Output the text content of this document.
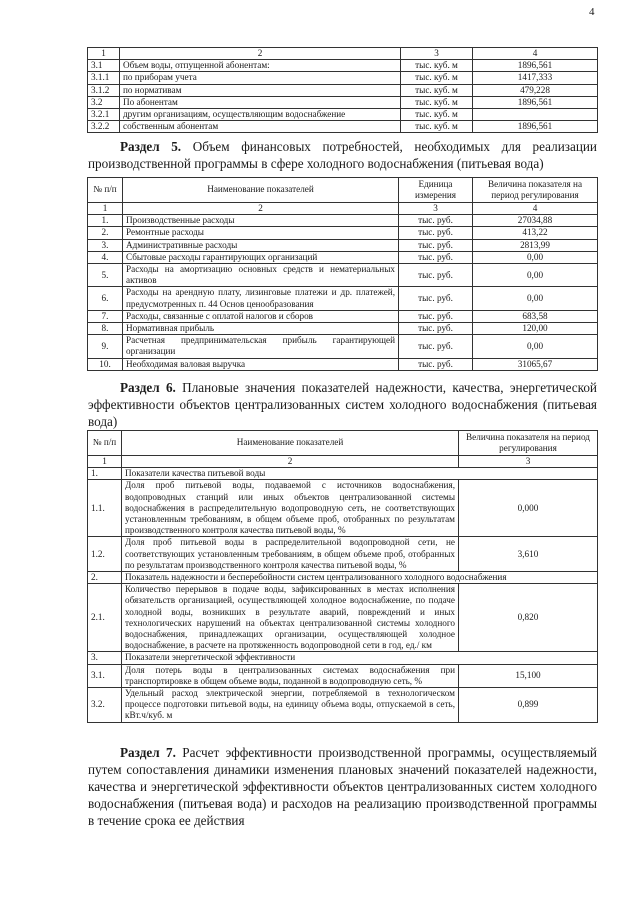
4
1	2	3	4
3.1	Объем воды, отпущенной абонентам:	тыс. куб. м	1896,561
3.1.1	по приборам учета	тыс. куб. м	1417,333
3.1.2	по нормативам	тыс. куб. м	479,228
3.2	По абонентам	тыс. куб. м	1896,561
3.2.1	другим организациям, осуществляющим водоснабжение	тыс. куб. м	
3.2.2	собственным абонентам	тыс. куб. м	1896,561
Раздел 5. Объем финансовых потребностей, необходимых для реализации производственной программы в сфере холодного водоснабжения (питьевая вода)
№ п/п	Наименование показателей	Единица измерения	Величина показателя на период регулирования
1	2	3	4
1.	Производственные расходы	тыс. руб.	27034,88
2.	Ремонтные расходы	тыс. руб.	413,22
3.	Административные расходы	тыс. руб.	2813,99
4.	Сбытовые расходы гарантирующих организаций	тыс. руб.	0,00
5.	Расходы на амортизацию основных средств и нематериальных активов	тыс. руб.	0,00
6.	Расходы на арендную плату, лизинговые платежи и др. платежей, предусмотренных п. 44 Основ ценообразования	тыс. руб.	0,00
7.	Расходы, связанные с оплатой налогов и сборов	тыс. руб.	683,58
8.	Нормативная прибыль	тыс. руб.	120,00
9.	Расчетная предпринимательская прибыль гарантирующей организации	тыс. руб.	0,00
10.	Необходимая валовая выручка	тыс. руб.	31065,67
Раздел 6. Плановые значения показателей надежности, качества, энергетической эффективности объектов централизованных систем холодного водоснабжения (питьевая вода)
№ п/п	Наименование показателей	Величина показателя на период регулирования
1	2	3
1.	Показатели качества питьевой воды	
1.1.	Доля проб питьевой воды, подаваемой с источников водоснабжения, водопроводных станций или иных объектов централизованной системы водоснабжения в распределительную водопроводную сеть, не соответствующих установленным требованиям, в общем объеме проб, отобранных по результатам производственного контроля качества питьевой воды, %	0,000
1.2.	Доля проб питьевой воды в распределительной водопроводной сети, не соответствующих установленным требованиям, в общем объеме проб, отобранных по результатам производственного контроля качества питьевой воды, %	3,610
2.	Показатель надежности и бесперебойности систем централизованного холодного водоснабжения	
2.1.	Количество перерывов в подаче воды, зафиксированных в местах исполнения обязательств организацией, осуществляющей холодное водоснабжение, по подаче холодной воды, возникших в результате аварий, повреждений и иных технологических нарушений на объектах централизованной системы холодного водоснабжения, принадлежащих организации, осуществляющей холодное водоснабжение, в расчете на протяженность водопроводной сети в год, ед./ км	0,820
3.	Показатели энергетической эффективности	
3.1.	Доля потерь воды в централизованных системах водоснабжения при транспортировке в общем объеме воды, поданной в водопроводную сеть, %	15,100
3.2.	Удельный расход электрической энергии, потребляемой в технологическом процессе подготовки питьевой воды, на единицу объема воды, отпускаемой в сеть, кВт.ч/куб. м	0,899
Раздел 7. Расчет эффективности производственной программы, осуществляемый путем сопоставления динамики изменения плановых значений показателей надежности, качества и энергетической эффективности объектов централизованных систем холодного водоснабжения (питьевая вода) и расходов на реализацию производственной программы в течение срока ее действия
